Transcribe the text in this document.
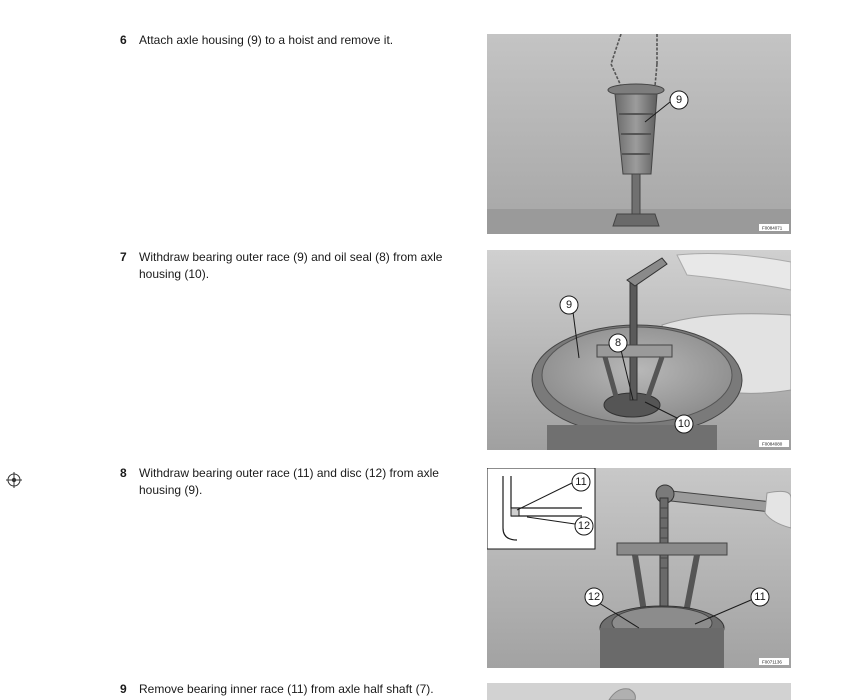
6 Attach axle housing (9) to a hoist and remove it.
7 Withdraw bearing outer race (9) and oil seal (8) from axle housing (10).
8 Withdraw bearing outer race (11) and disc (12) from axle housing (9).
9 Remove bearing inner race (11) from axle half shaft (7).
9
F0084071
9
8
10
F0084080
11
12
12	11
F0071136
